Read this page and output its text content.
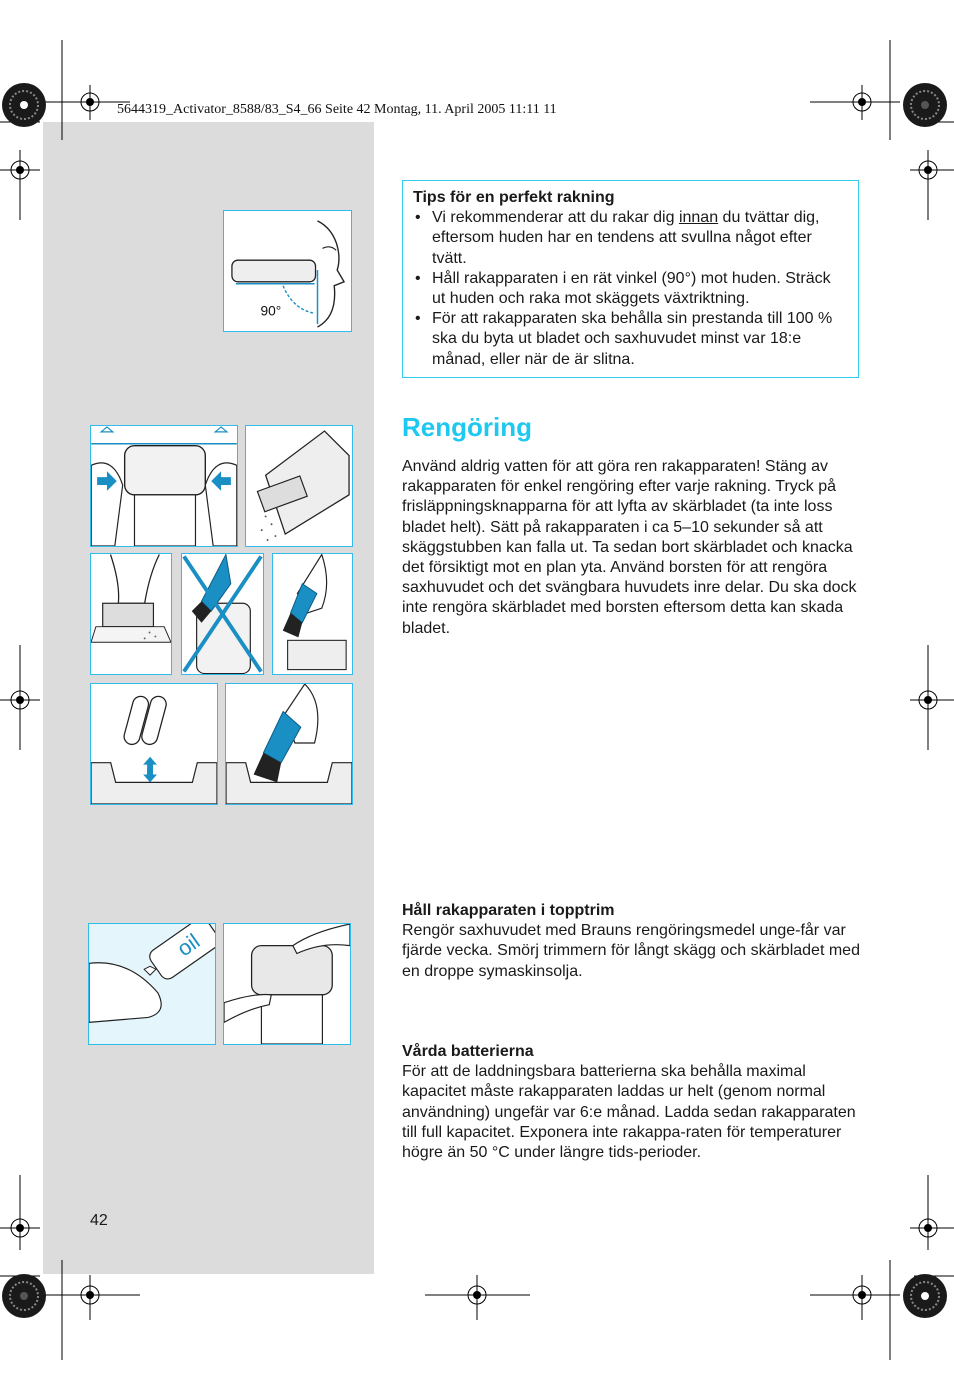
5644319_Activator_8588/83_S4_66 Seite 42 Montag, 11. April 2005 11:11 11
90°
oil
Tips för en perfekt rakning
• Vi rekommenderar att du rakar dig innan du tvättar dig, eftersom huden har en tendens att svullna något efter tvätt.
• Håll rakapparaten i en rät vinkel (90°) mot huden. Sträck ut huden och raka mot skäggets växtriktning.
• För att rakapparaten ska behålla sin prestanda till 100 % ska du byta ut bladet och saxhuvudet minst var 18:e månad, eller när de är slitna.
Rengöring

Använd aldrig vatten för att göra ren rakapparaten! Stäng av rakapparaten för enkel rengöring efter varje rakning. Tryck på frisläppningsknapparna för att lyfta av skärbladet (ta inte loss bladet helt). Sätt på rakapparaten i ca 5–10 sekunder så att skäggstubben kan falla ut. Ta sedan bort skärbladet och knacka det försiktigt mot en plan yta. Använd borsten för att rengöra saxhuvudet och det svängbara huvudets inre delar. Du ska dock inte rengöra skärbladet med borsten eftersom detta kan skada bladet.

Håll rakapparaten i topptrim
Rengör saxhuvudet med Brauns rengöringsmedel unge-får var fjärde vecka. Smörj trimmern för långt skägg och skärbladet med en droppe symaskinsolja.
Vårda batterierna
För att de laddningsbara batterierna ska behålla maximal kapacitet måste rakapparaten laddas ur helt (genom normal användning) ungefär var 6:e månad. Ladda sedan rakapparaten till full kapacitet. Exponera inte rakappa-raten för temperaturer högre än 50 °C under längre tids-perioder.
42
